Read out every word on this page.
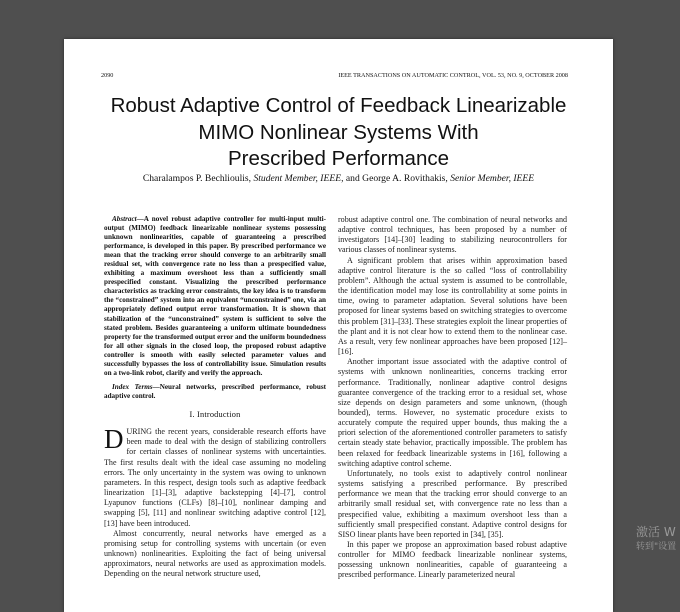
2090	IEEE TRANSACTIONS ON AUTOMATIC CONTROL, VOL. 53, NO. 9, OCTOBER 2008
Robust Adaptive Control of Feedback Linearizable
MIMO Nonlinear Systems With
Prescribed Performance
Charalampos P. Bechlioulis, Student Member, IEEE, and George A. Rovithakis, Senior Member, IEEE

Abstract—A novel robust adaptive controller for multi-input multi-output (MIMO) feedback linearizable nonlinear systems possessing unknown nonlinearities, capable of guaranteeing a prescribed performance, is developed in this paper. By prescribed performance we mean that the tracking error should converge to an arbitrarily small residual set, with convergence rate no less than a prespecified value, exhibiting a maximum overshoot less than a sufficiently small prespecified constant. Visualizing the prescribed performance characteristics as tracking error constraints, the key idea is to transform the “constrained” system into an equivalent “unconstrained” one, via an appropriately defined output error transformation. It is shown that stabilization of the “unconstrained” system is sufficient to solve the stated problem. Besides guaranteeing a uniform ultimate boundedness property for the transformed output error and the uniform boundedness for all other signals in the closed loop, the proposed robust adaptive controller is smooth with easily selected parameter values and successfully bypasses the loss of controllability issue. Simulation results on a two-link robot, clarify and verify the approach.

Index Terms—Neural networks, prescribed performance, robust adaptive control.

I. Introduction

DURING the recent years, considerable research efforts have been made to deal with the design of stabilizing controllers for certain classes of nonlinear systems with uncertainties. The first results dealt with the ideal case assuming no modeling errors. The only uncertainty in the system was owing to unknown parameters. In this respect, design tools such as adaptive feedback linearization [1]–[3], adaptive backstepping [4]–[7], control Lyapunov functions (CLFs) [8]–[10], nonlinear damping and swapping [5], [11] and nonlinear switching adaptive control [12], [13] have been introduced.

Almost concurrently, neural networks have emerged as a promising setup for controlling systems with uncertain (or even unknown) nonlinearities. Exploiting the fact of being universal approximators, neural networks are used as approximation models. Depending on the neural network structure used,

robust adaptive control one. The combination of neural networks and adaptive control techniques, has been proposed by a number of investigators [14]–[30] leading to stabilizing neurocontrollers for various classes of nonlinear systems.

A significant problem that arises within approximation based adaptive control literature is the so called “loss of controllability problem”. Although the actual system is assumed to be controllable, the identification model may lose its controllability at some points in time, owing to parameter adaptation. Several solutions have been proposed for linear systems based on switching strategies to overcome this problem [31]–[33]. These strategies exploit the linear properties of the plant and it is not clear how to extend them to the nonlinear case. As a result, very few nonlinear approaches have been proposed [12]–[16].

Another important issue associated with the adaptive control of systems with unknown nonlinearities, concerns tracking error performance. Traditionally, nonlinear adaptive control designs guarantee convergence of the tracking error to a residual set, whose size depends on design parameters and some unknown, (though bounded), terms. However, no systematic procedure exists to accurately compute the required upper bounds, thus making the a priori selection of the aforementioned controller parameters to satisfy certain steady state behavior, practically impossible. The problem has been relaxed for feedback linearizable systems in [16], following a switching adaptive control scheme.

Unfortunately, no tools exist to adaptively control nonlinear systems satisfying a prescribed performance. By prescribed performance we mean that the tracking error should converge to an arbitrarily small residual set, with convergence rate no less than a prespecified value, exhibiting a maximum overshoot less than a sufficiently small prespecified constant. Adaptive control designs for SISO linear plants have been reported in [34], [35].

In this paper we propose an approximation based robust adaptive controller for MIMO feedback linearizable nonlinear systems, possessing unknown nonlinearities, capable of guaranteeing a prescribed performance. Linearly parameterized neural

激活 W
转到"设置
